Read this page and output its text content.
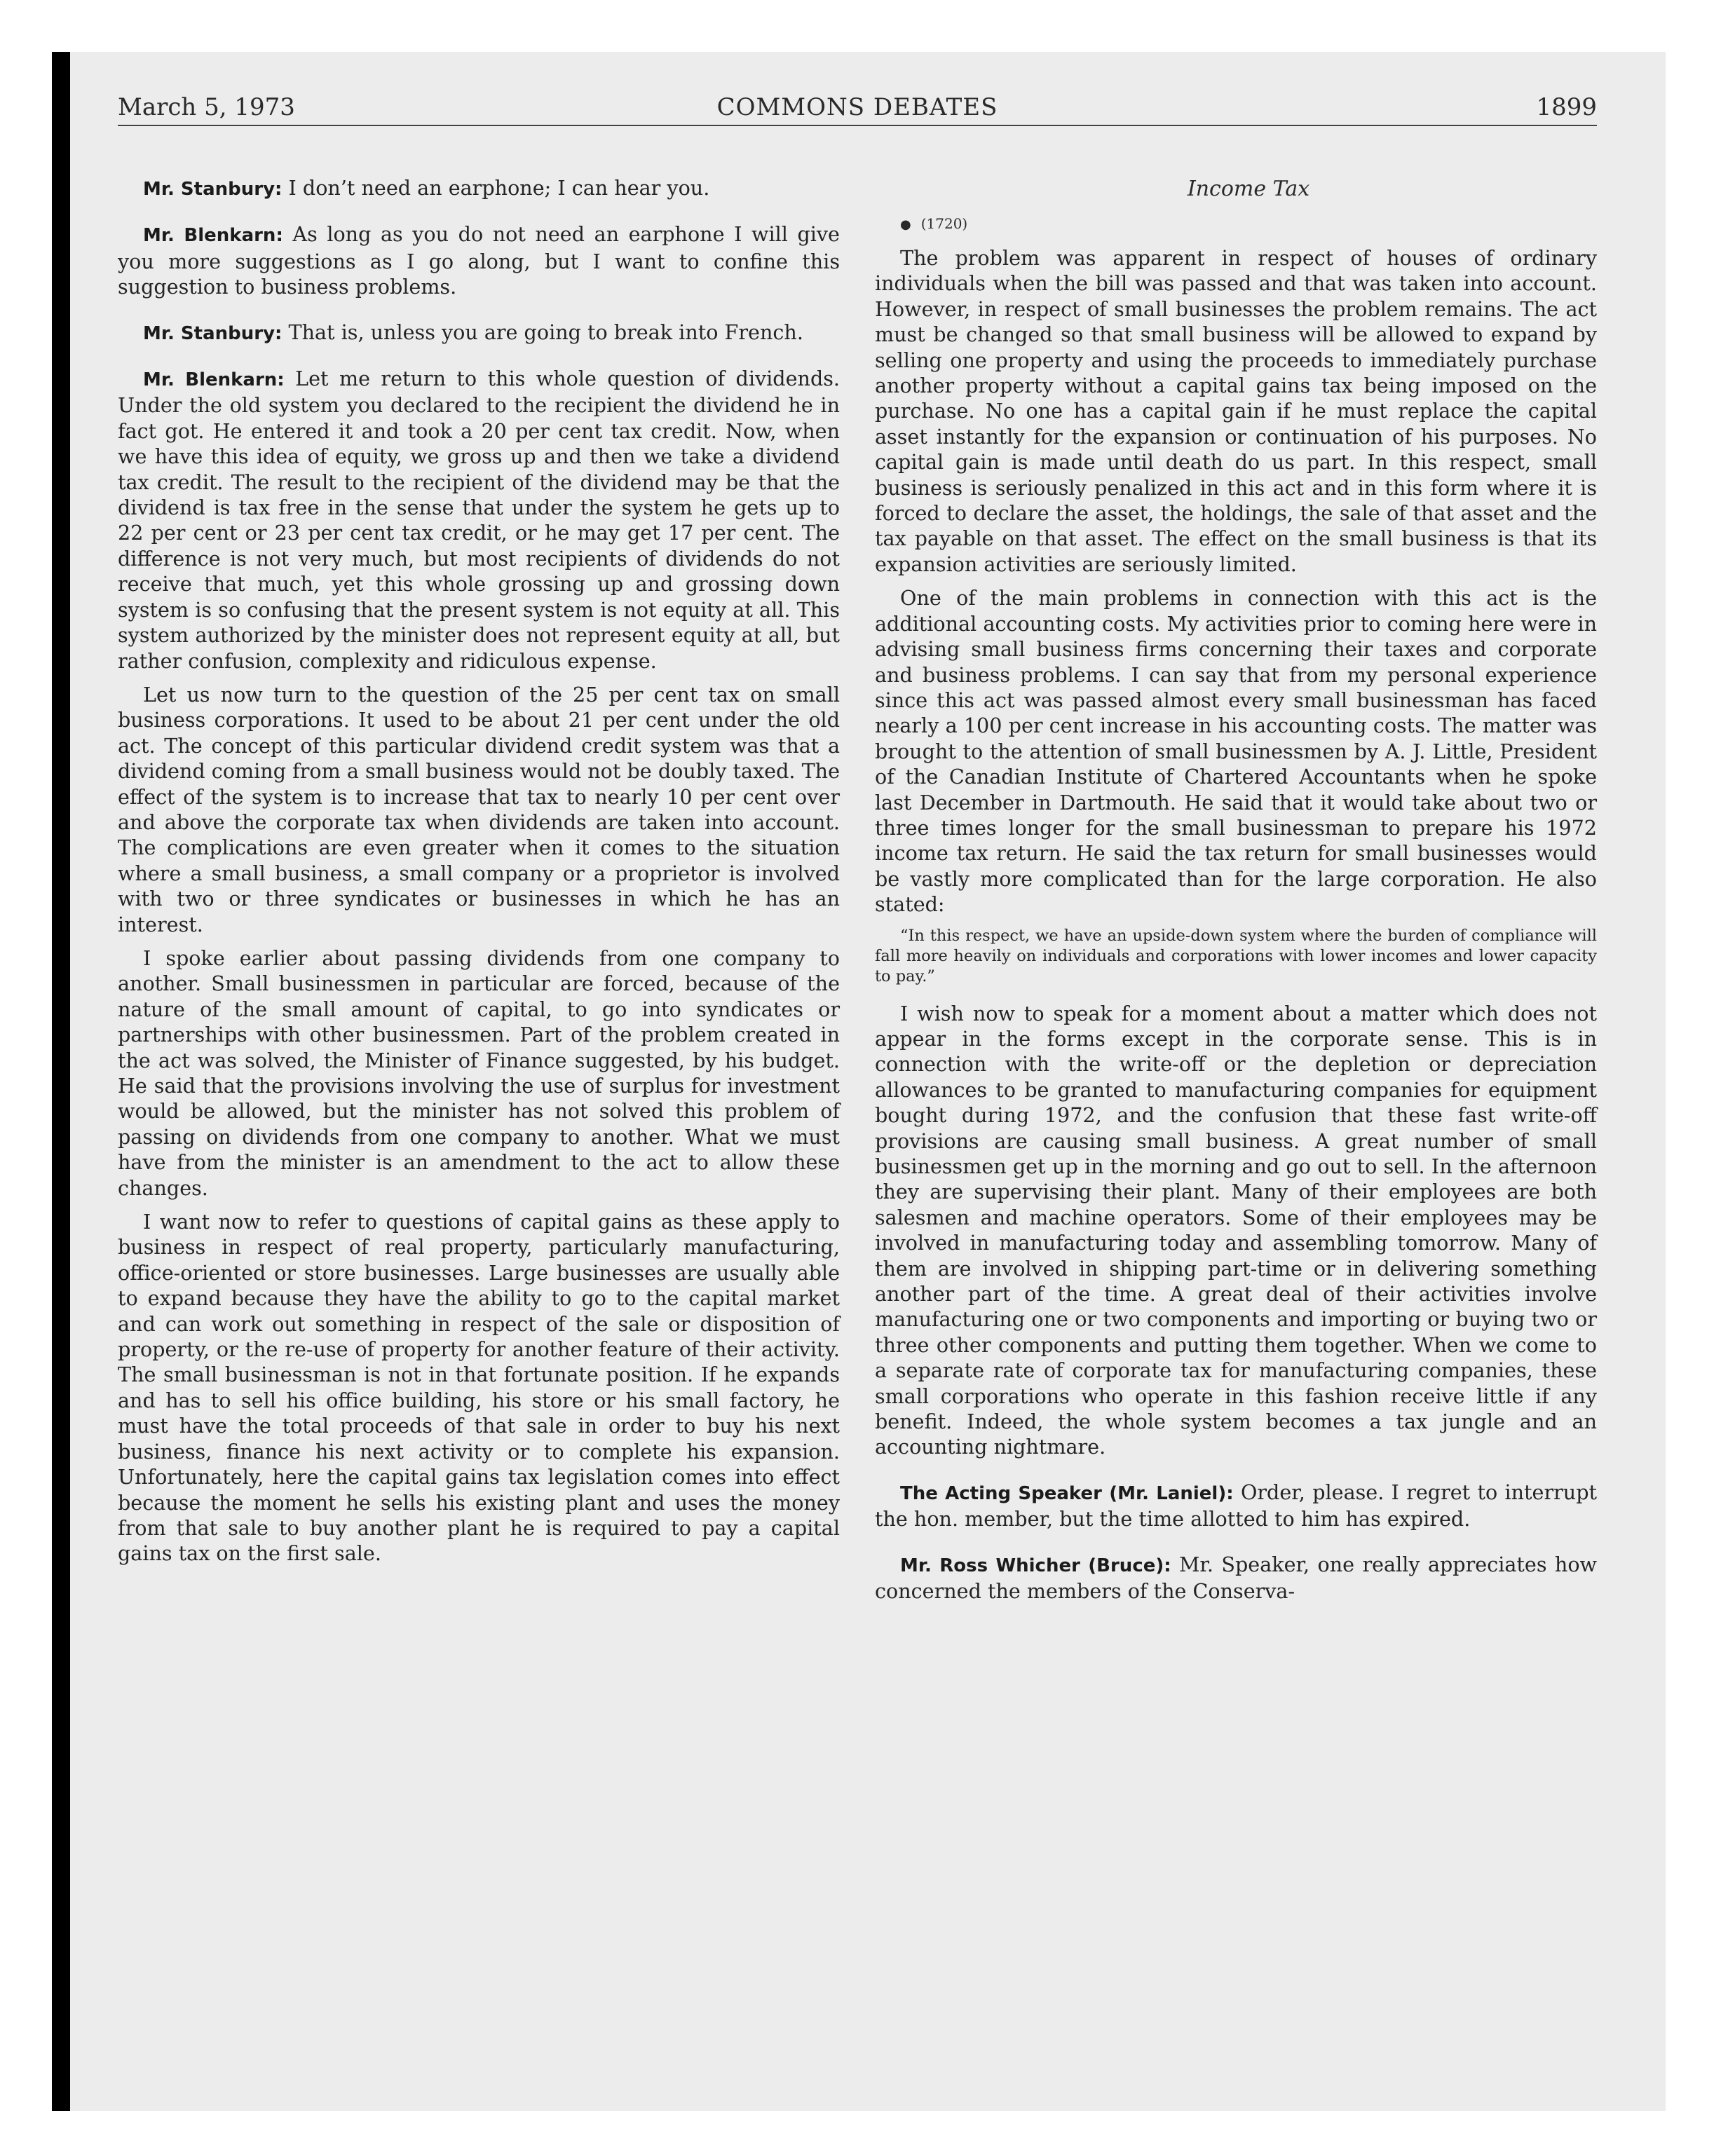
March 5, 1973	COMMONS DEBATES	1899

Mr. Stanbury: I don’t need an earphone; I can hear you.

Mr. Blenkarn: As long as you do not need an earphone I will give you more suggestions as I go along, but I want to confine this suggestion to business problems.

Mr. Stanbury: That is, unless you are going to break into French.

Mr. Blenkarn: Let me return to this whole question of dividends. Under the old system you declared to the recipient the dividend he in fact got. He entered it and took a 20 per cent tax credit. Now, when we have this idea of equity, we gross up and then we take a dividend tax credit. The result to the recipient of the dividend may be that the dividend is tax free in the sense that under the system he gets up to 22 per cent or 23 per cent tax credit, or he may get 17 per cent. The difference is not very much, but most recipients of dividends do not receive that much, yet this whole grossing up and grossing down system is so confusing that the present system is not equity at all. This system authorized by the minister does not represent equity at all, but rather confusion, complexity and ridiculous expense.

Let us now turn to the question of the 25 per cent tax on small business corporations. It used to be about 21 per cent under the old act. The concept of this particular dividend credit system was that a dividend coming from a small business would not be doubly taxed. The effect of the system is to increase that tax to nearly 10 per cent over and above the corporate tax when dividends are taken into account. The complications are even greater when it comes to the situation where a small business, a small company or a proprietor is involved with two or three syndicates or businesses in which he has an interest.

I spoke earlier about passing dividends from one company to another. Small businessmen in particular are forced, because of the nature of the small amount of capital, to go into syndicates or partnerships with other businessmen. Part of the problem created in the act was solved, the Minister of Finance suggested, by his budget. He said that the provisions involving the use of surplus for investment would be allowed, but the minister has not solved this problem of passing on dividends from one company to another. What we must have from the minister is an amendment to the act to allow these changes.

I want now to refer to questions of capital gains as these apply to business in respect of real property, particularly manufacturing, office-oriented or store businesses. Large businesses are usually able to expand because they have the ability to go to the capital market and can work out something in respect of the sale or disposition of property, or the re-use of property for another feature of their activity. The small businessman is not in that fortunate position. If he expands and has to sell his office building, his store or his small factory, he must have the total proceeds of that sale in order to buy his next business, finance his next activity or to complete his expansion. Unfortunately, here the capital gains tax legislation comes into effect because the moment he sells his existing plant and uses the money from that sale to buy another plant he is required to pay a capital gains tax on the first sale.

Income Tax

● (1720)

The problem was apparent in respect of houses of ordinary individuals when the bill was passed and that was taken into account. However, in respect of small businesses the problem remains. The act must be changed so that small business will be allowed to expand by selling one property and using the proceeds to immediately purchase another property without a capital gains tax being imposed on the purchase. No one has a capital gain if he must replace the capital asset instantly for the expansion or continuation of his purposes. No capital gain is made until death do us part. In this respect, small business is seriously penalized in this act and in this form where it is forced to declare the asset, the holdings, the sale of that asset and the tax payable on that asset. The effect on the small business is that its expansion activities are seriously limited.

One of the main problems in connection with this act is the additional accounting costs. My activities prior to coming here were in advising small business firms concerning their taxes and corporate and business problems. I can say that from my personal experience since this act was passed almost every small businessman has faced nearly a 100 per cent increase in his accounting costs. The matter was brought to the attention of small businessmen by A. J. Little, President of the Canadian Institute of Chartered Accountants when he spoke last December in Dartmouth. He said that it would take about two or three times longer for the small businessman to prepare his 1972 income tax return. He said the tax return for small businesses would be vastly more complicated than for the large corporation. He also stated:

“In this respect, we have an upside-down system where the burden of compliance will fall more heavily on individuals and corporations with lower incomes and lower capacity to pay.”

I wish now to speak for a moment about a matter which does not appear in the forms except in the corporate sense. This is in connection with the write-off or the depletion or depreciation allowances to be granted to manufacturing companies for equipment bought during 1972, and the confusion that these fast write-off provisions are causing small business. A great number of small businessmen get up in the morning and go out to sell. In the afternoon they are supervising their plant. Many of their employees are both salesmen and machine operators. Some of their employees may be involved in manufacturing today and assembling tomorrow. Many of them are involved in shipping part-time or in delivering something another part of the time. A great deal of their activities involve manufacturing one or two components and importing or buying two or three other components and putting them together. When we come to a separate rate of corporate tax for manufacturing companies, these small corporations who operate in this fashion receive little if any benefit. Indeed, the whole system becomes a tax jungle and an accounting nightmare.

The Acting Speaker (Mr. Laniel): Order, please. I regret to interrupt the hon. member, but the time allotted to him has expired.

Mr. Ross Whicher (Bruce): Mr. Speaker, one really appreciates how concerned the members of the Conserva-
